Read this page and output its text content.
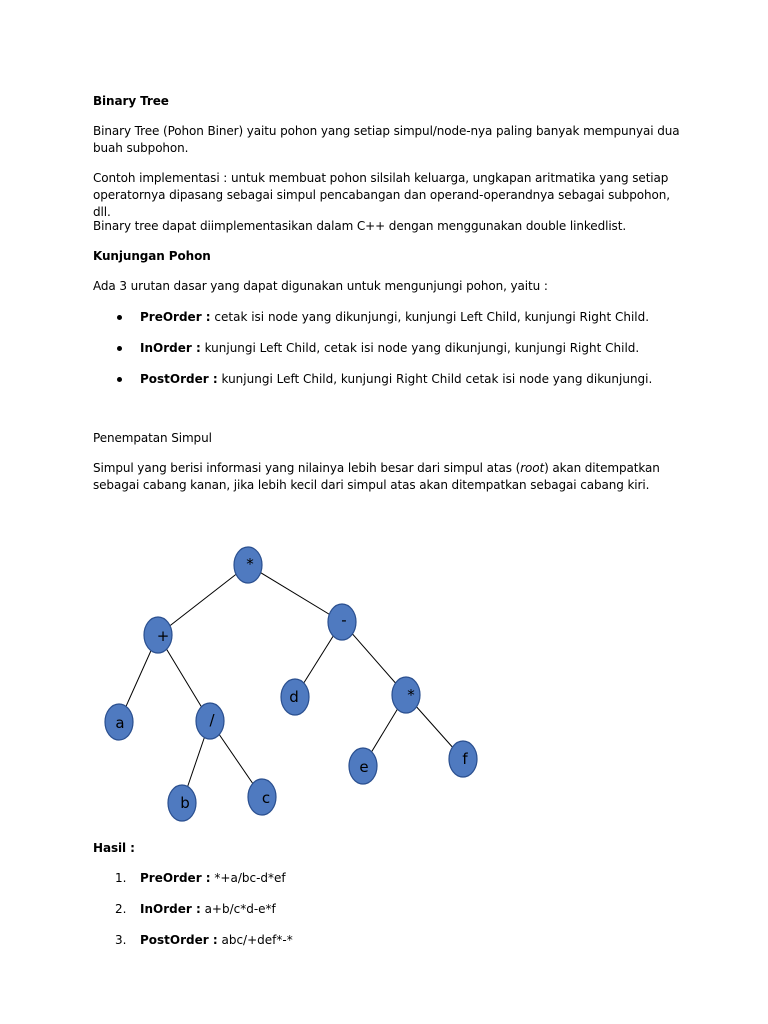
Binary Tree
Binary Tree (Pohon Biner) yaitu pohon yang setiap simpul/node-nya paling banyak mempunyai dua buah subpohon.
Contoh implementasi : untuk membuat pohon silsilah keluarga, ungkapan aritmatika yang setiap operatornya dipasang sebagai simpul pencabangan dan operand-operandnya sebagai subpohon, dll.
Binary tree dapat diimplementasikan dalam C++ dengan menggunakan double linkedlist.
Kunjungan Pohon
Ada 3 urutan dasar yang dapat digunakan untuk mengunjungi pohon, yaitu :
PreOrder : cetak isi node yang dikunjungi, kunjungi Left Child, kunjungi Right Child.
InOrder : kunjungi Left Child, cetak isi node yang dikunjungi, kunjungi Right Child.
PostOrder : kunjungi Left Child, kunjungi Right Child cetak isi node yang dikunjungi.
Penempatan Simpul
Simpul yang berisi informasi yang nilainya lebih besar dari simpul atas (root) akan ditempatkan sebagai cabang kanan, jika lebih kecil dari simpul atas akan ditempatkan sebagai cabang kiri.
*
+
-
a	/
d	*
b	c
e	f
Hasil :
1. PreOrder : *+a/bc-d*ef
2. InOrder : a+b/c*d-e*f
3. PostOrder : abc/+def*-*
